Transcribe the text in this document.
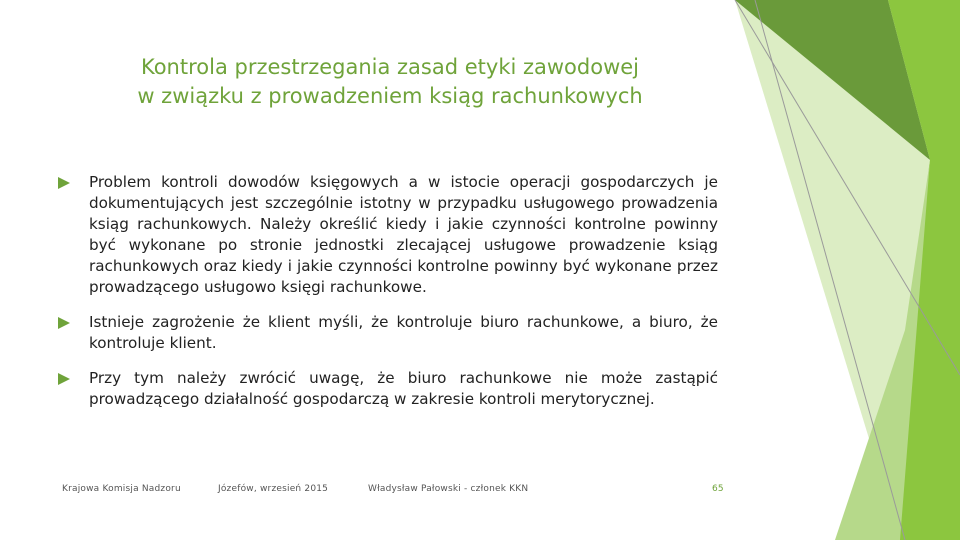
Kontrola przestrzegania zasad etyki zawodowej
w związku z prowadzeniem ksiąg rachunkowych
Problem kontroli dowodów księgowych a w istocie operacji gospodarczych je dokumentujących jest szczególnie istotny w przypadku usługowego prowadzenia ksiąg rachunkowych. Należy określić kiedy i jakie czynności kontrolne powinny być wykonane po stronie jednostki zlecającej usługowe prowadzenie ksiąg rachunkowych oraz kiedy i jakie czynności kontrolne powinny być wykonane przez prowadzącego usługowo księgi rachunkowe.
Istnieje zagrożenie że klient myśli, że kontroluje biuro rachunkowe, a biuro, że kontroluje klient.
Przy tym należy zwrócić uwagę, że biuro rachunkowe nie może zastąpić prowadzącego działalność gospodarczą w zakresie kontroli merytorycznej.
Krajowa Komisja Nadzoru	Józefów, wrzesień 2015	Władysław Pałowski - członek KKN	65
